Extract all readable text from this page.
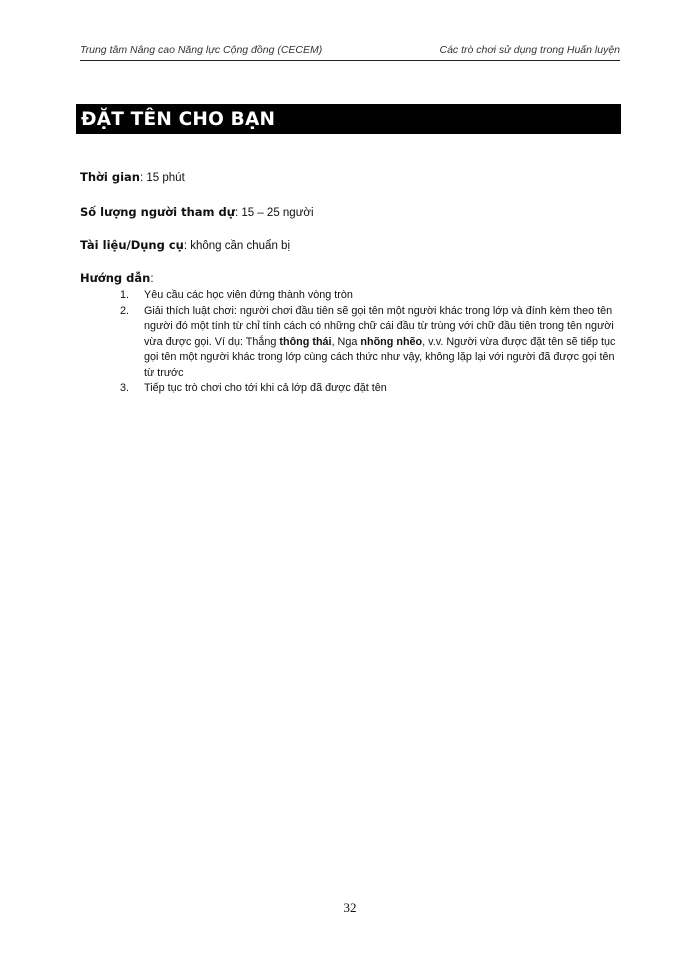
Trung tâm Nâng cao Năng lực Cộng đồng (CECEM)	Các trò chơi sử dụng trong Huấn luyện
ĐẶT TÊN CHO BẠN
Thời gian: 15 phút
Số lượng người tham dự: 15 – 25 người
Tài liệu/Dụng cụ: không cần chuẩn bị
Hướng dẫn:
1. Yêu cầu các học viên đứng thành vòng tròn
2. Giải thích luật chơi: người chơi đầu tiên sẽ gọi tên một người khác trong lớp và đính kèm theo tên người đó một tính từ chỉ tính cách có những chữ cái đầu từ trùng với chữ đầu tiên trong tên người vừa được gọi. Ví dụ: Thắng thông thái, Nga nhõng nhẽo, v.v. Người vừa được đặt tên sẽ tiếp tục gọi tên một người khác trong lớp cùng cách thức như vậy, không lặp lại với người đã được gọi tên từ trước
3. Tiếp tục trò chơi cho tới khi cả lớp đã được đặt tên
32
